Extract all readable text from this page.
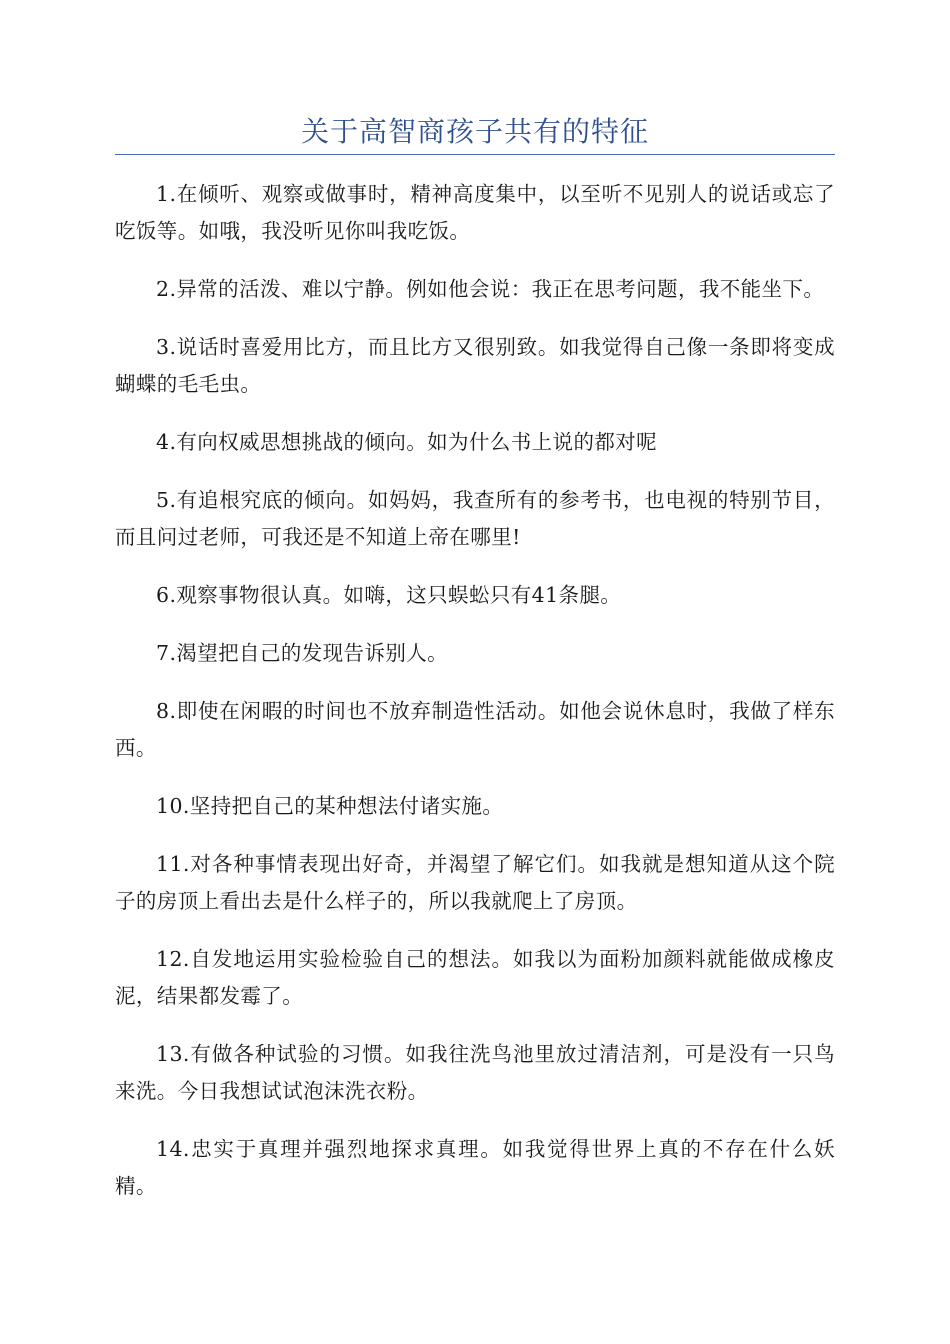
关于高智商孩子共有的特征

1.在倾听、观察或做事时，精神高度集中，以至听不见别人的说话或忘了吃饭等。如哦，我没听见你叫我吃饭。

2.异常的活泼、难以宁静。例如他会说：我正在思考问题，我不能坐下。

3.说话时喜爱用比方，而且比方又很别致。如我觉得自己像一条即将变成蝴蝶的毛毛虫。

4.有向权威思想挑战的倾向。如为什么书上说的都对呢

5.有追根究底的倾向。如妈妈，我查所有的参考书，也电视的特别节目，而且问过老师，可我还是不知道上帝在哪里!

6.观察事物很认真。如嗨，这只蜈蚣只有41条腿。

7.渴望把自己的发现告诉别人。

8.即使在闲暇的时间也不放弃制造性活动。如他会说休息时，我做了样东西。

10.坚持把自己的某种想法付诸实施。

11.对各种事情表现出好奇，并渴望了解它们。如我就是想知道从这个院子的房顶上看出去是什么样子的，所以我就爬上了房顶。

12.自发地运用实验检验自己的想法。如我以为面粉加颜料就能做成橡皮泥，结果都发霉了。

13.有做各种试验的习惯。如我往洗鸟池里放过清洁剂，可是没有一只鸟来洗。今日我想试试泡沫洗衣粉。

14.忠实于真理并强烈地探求真理。如我觉得世界上真的不存在什么妖精。
